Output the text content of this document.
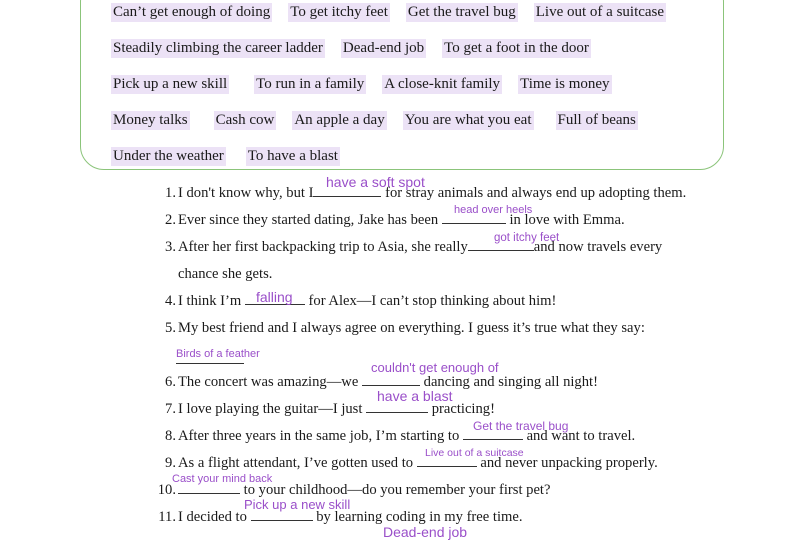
Can’t get enough of doing To get itchy feet Get the travel bug Live out of a suitcase
Steadily climbing the career ladder Dead-end job To get a foot in the door
Pick up a new skill To run in a family A close-knit family Time is money
Money talks Cash cow An apple a day You are what you eat Full of beans
Under the weather To have a blast
1. I don't know why, but I	for stray animals and always end up adopting them.
have a soft spot
2. Ever since they started dating, Jake has been	in love with Emma.
head over heels
3. After her first backpacking trip to Asia, she really	and now travels every
chance she gets.
got itchy feet
4. I think I’m	for Alex—I can’t stop thinking about him!
falling
5. My best friend and I always agree on everything. I guess it’s true what they say:
Birds of a feather
6. The concert was amazing—we	dancing and singing all night!
couldn't get enough of
7. I love playing the guitar—I just	practicing!
have a blast
8. After three years in the same job, I’m starting to	and want to travel.
Get the travel bug
9. As a flight attendant, I’ve gotten used to	and never unpacking properly.
Live out of a suitcase
10.	to your childhood—do you remember your first pet?
Cast your mind back
11. I decided to	by learning coding in my free time.
Pick up a new skill
Dead-end job
